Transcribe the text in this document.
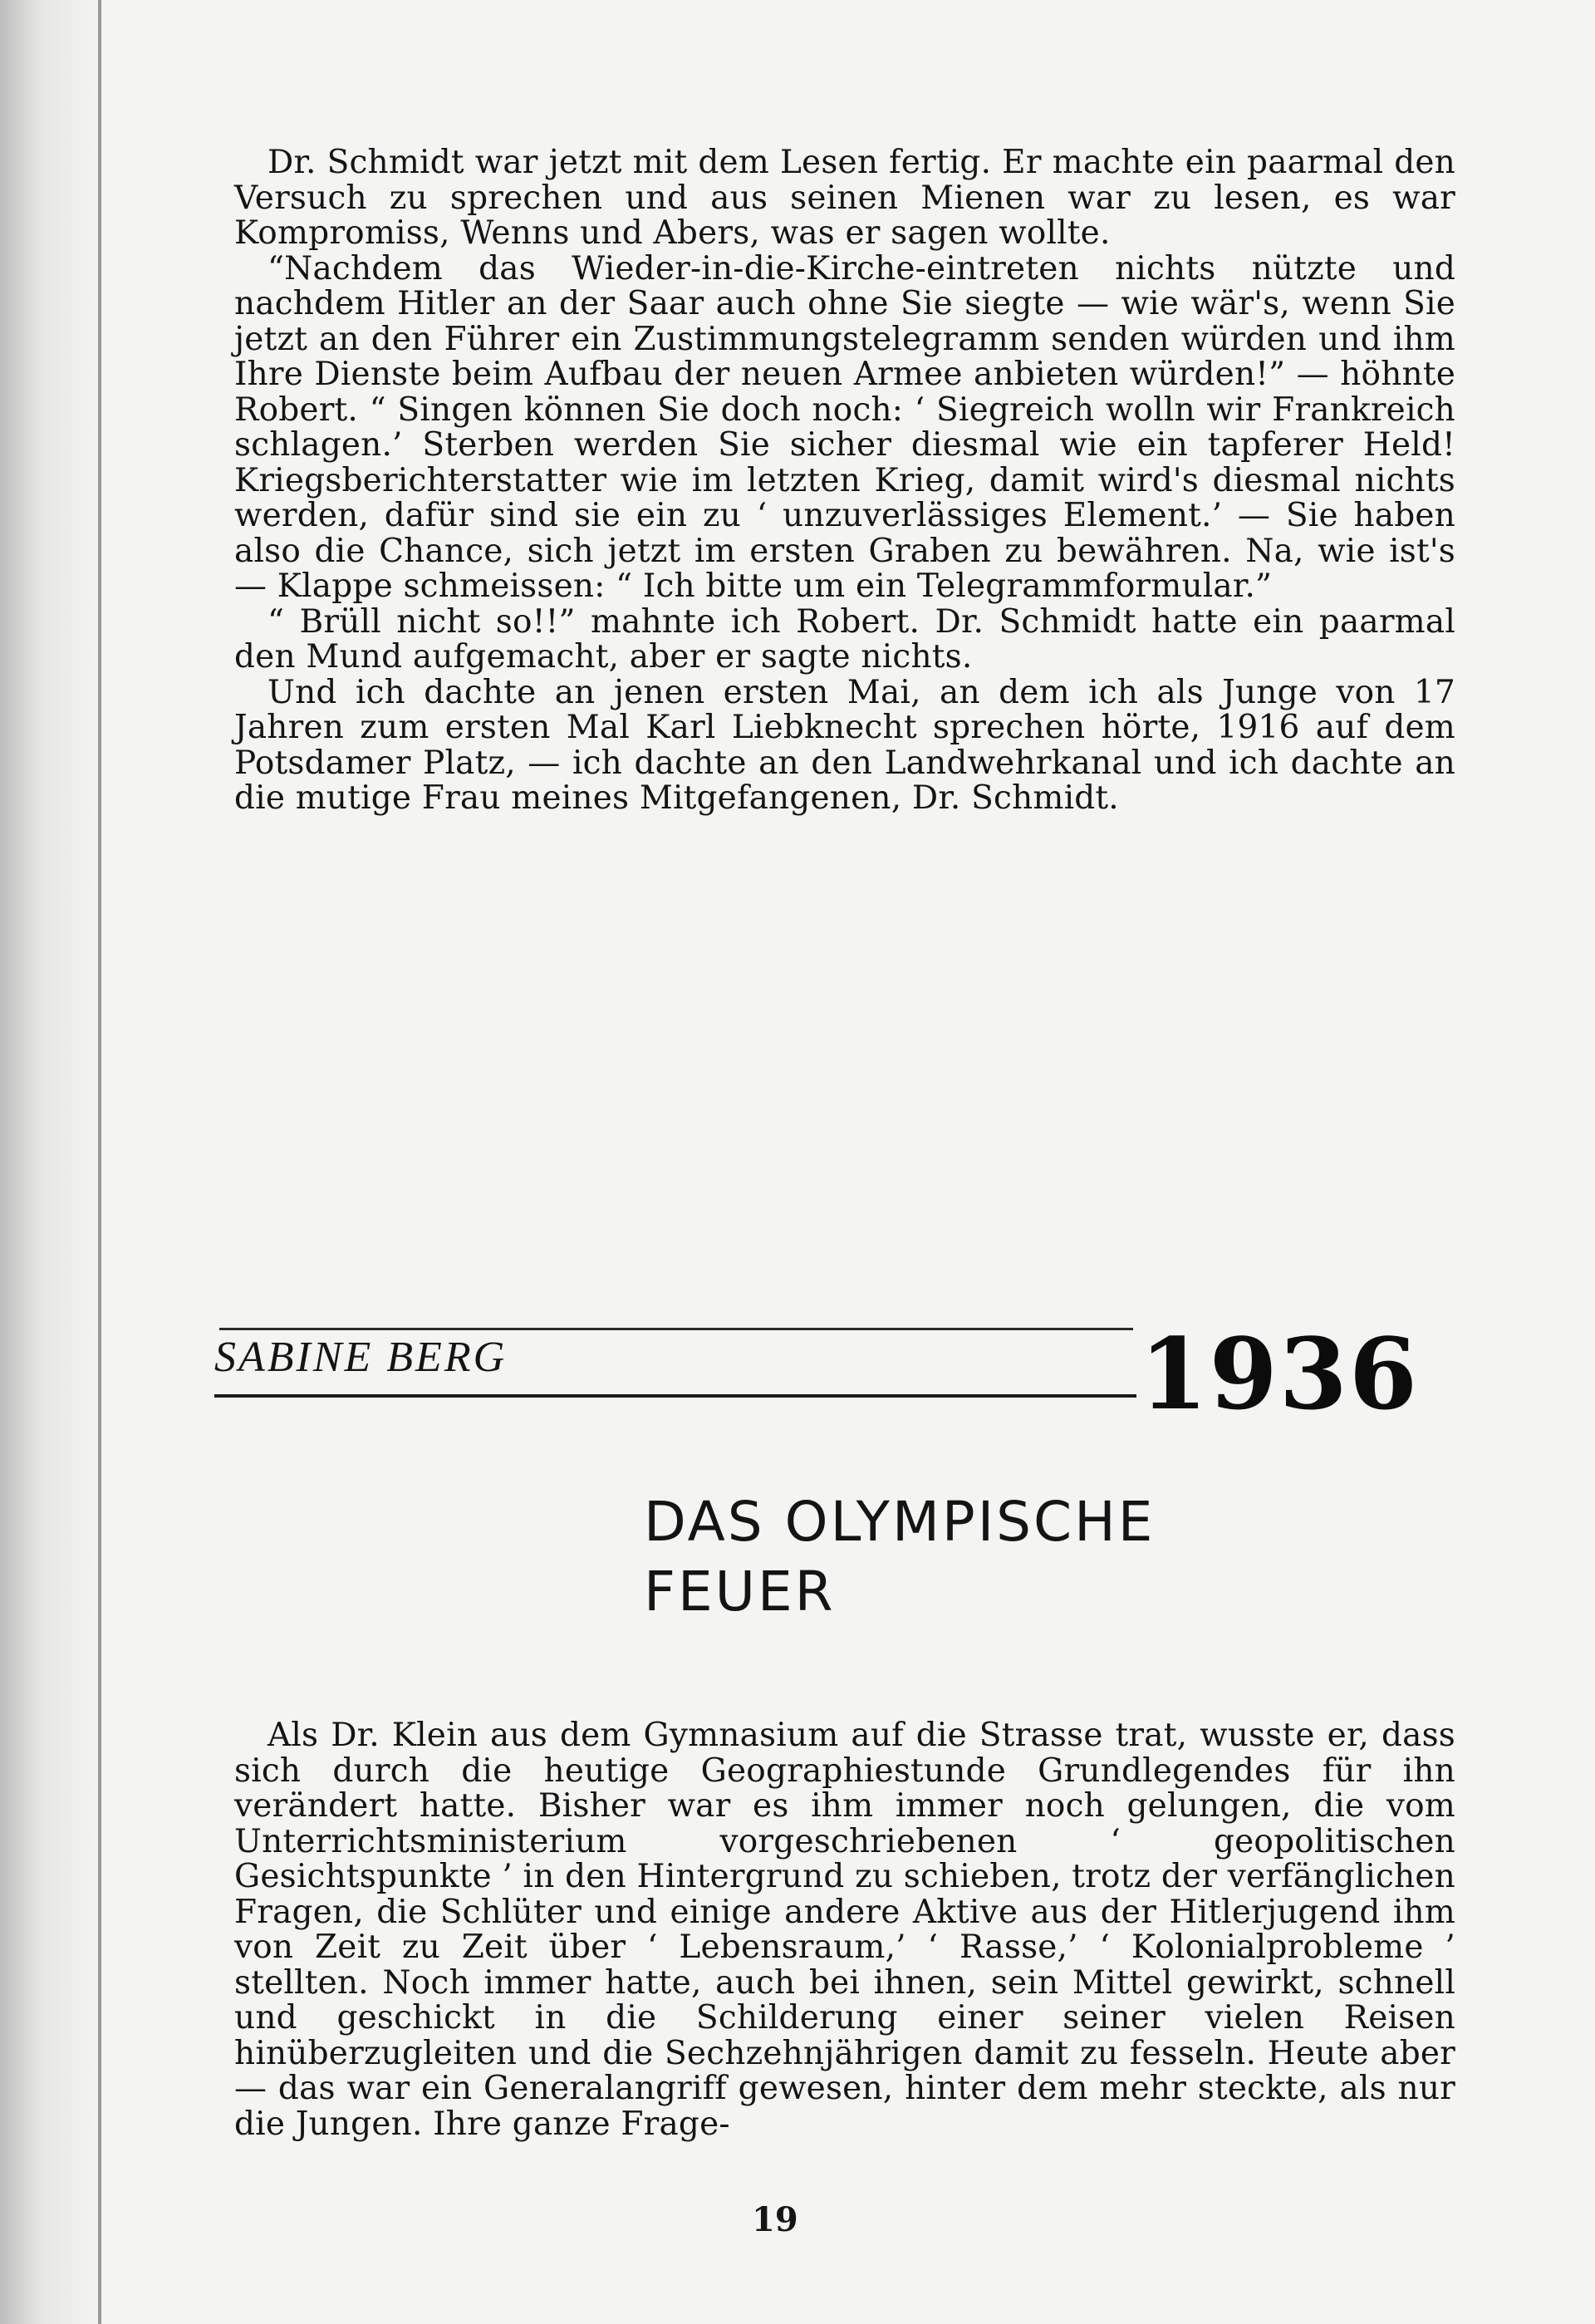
Dr. Schmidt war jetzt mit dem Lesen fertig. Er machte ein paarmal den Versuch zu sprechen und aus seinen Mienen war zu lesen, es war Kompromiss, Wenns und Abers, was er sagen wollte.

“Nachdem das Wieder-in-die-Kirche-eintreten nichts nützte und nachdem Hitler an der Saar auch ohne Sie siegte — wie wär's, wenn Sie jetzt an den Führer ein Zustimmungstelegramm senden würden und ihm Ihre Dienste beim Aufbau der neuen Armee anbieten würden!” — höhnte Robert. “ Singen können Sie doch noch: ‘ Siegreich wolln wir Frankreich schlagen.’ Sterben werden Sie sicher diesmal wie ein tapferer Held! Kriegsberichterstatter wie im letzten Krieg, damit wird's diesmal nichts werden, dafür sind sie ein zu ‘ unzuverlässiges Element.’ — Sie haben also die Chance, sich jetzt im ersten Graben zu bewähren. Na, wie ist's — Klappe schmeissen: “ Ich bitte um ein Telegrammformular.”

“ Brüll nicht so!!” mahnte ich Robert. Dr. Schmidt hatte ein paarmal den Mund aufgemacht, aber er sagte nichts.

Und ich dachte an jenen ersten Mai, an dem ich als Junge von 17 Jahren zum ersten Mal Karl Liebknecht sprechen hörte, 1916 auf dem Potsdamer Platz, — ich dachte an den Landwehrkanal und ich dachte an die mutige Frau meines Mitgefangenen, Dr. Schmidt.

SABINE BERG	1936
DAS OLYMPISCHE
FEUER

Als Dr. Klein aus dem Gymnasium auf die Strasse trat, wusste er, dass sich durch die heutige Geographiestunde Grundlegendes für ihn verändert hatte. Bisher war es ihm immer noch gelungen, die vom Unterrichtsministerium vorgeschriebenen ‘ geopolitischen Gesichtspunkte ’ in den Hintergrund zu schieben, trotz der verfänglichen Fragen, die Schlüter und einige andere Aktive aus der Hitlerjugend ihm von Zeit zu Zeit über ‘ Lebensraum,’ ‘ Rasse,’ ‘ Kolonialprobleme ’ stellten. Noch immer hatte, auch bei ihnen, sein Mittel gewirkt, schnell und geschickt in die Schilderung einer seiner vielen Reisen hinüberzugleiten und die Sechzehnjährigen damit zu fesseln. Heute aber — das war ein Generalangriff gewesen, hinter dem mehr steckte, als nur die Jungen. Ihre ganze Frage-

19
